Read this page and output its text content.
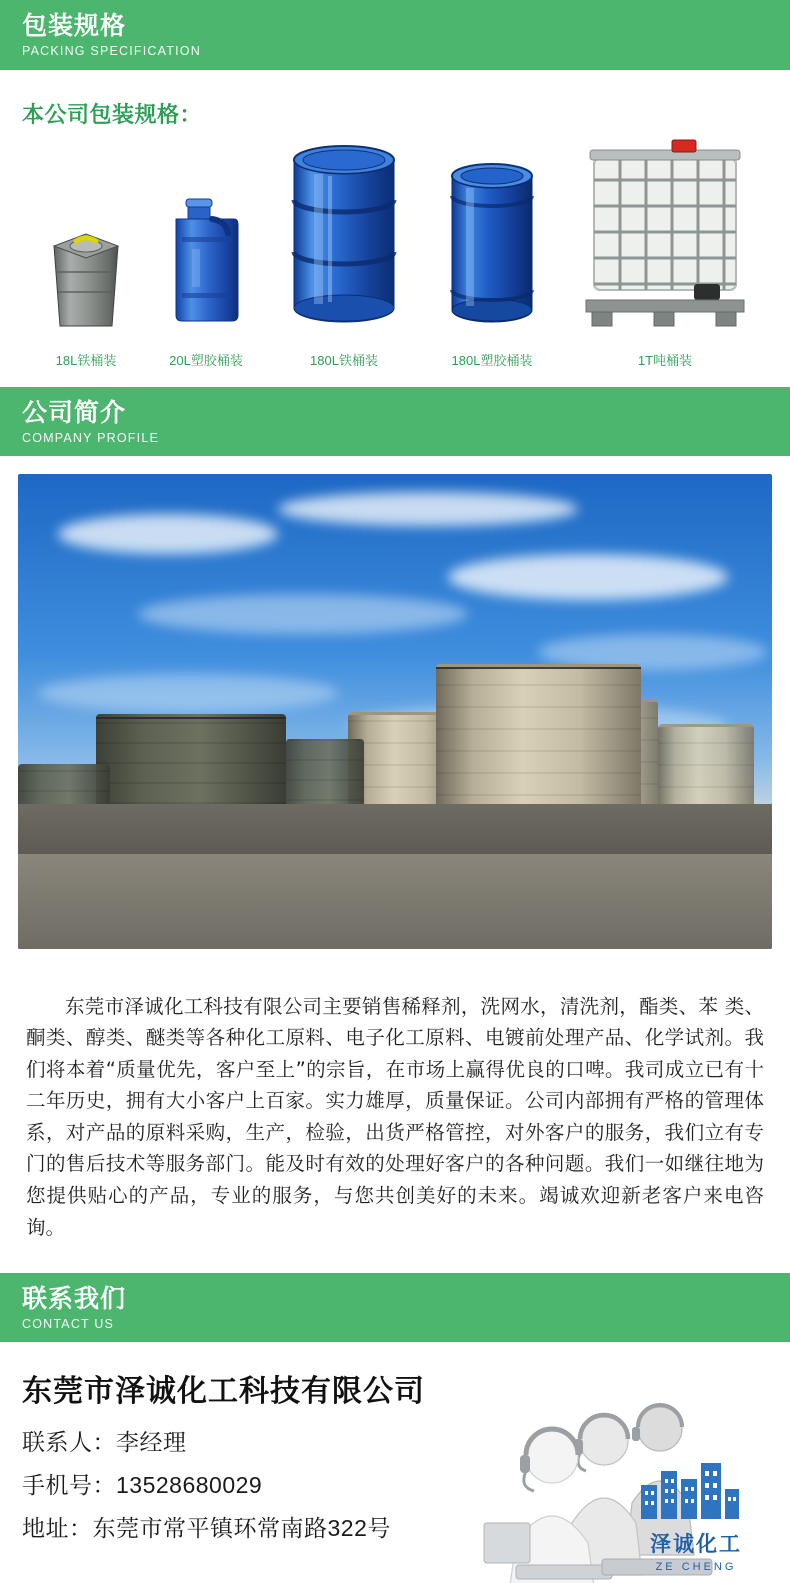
包装规格
PACKING SPECIFICATION
本公司包装规格：
18L铁桶装	20L塑胶桶装	180L铁桶装	180L塑胶桶装	1T吨桶装
公司简介
COMPANY PROFILE

东莞市泽诚化工科技有限公司主要销售稀释剂，洗网水，清洗剂，酯类、苯 类、酮类、醇类、醚类等各种化工原料、电子化工原料、电镀前处理产品、化学试剂。我们将本着“质量优先，客户至上”的宗旨，在市场上赢得优良的口啤。我司成立已有十二年历史，拥有大小客户上百家。实力雄厚，质量保证。公司内部拥有严格的管理体系，对产品的原料采购，生产，检验，出货严格管控，对外客户的服务，我们立有专门的售后技术等服务部门。能及时有效的处理好客户的各种问题。我们一如继往地为您提供贴心的产品，专业的服务，与您共创美好的未来。竭诚欢迎新老客户来电咨询。

联系我们
CONTACT US
东莞市泽诚化工科技有限公司
联系人：李经理
手机号：13528680029
地址：东莞市常平镇环常南路322号
泽诚化工
ZE CHENG
